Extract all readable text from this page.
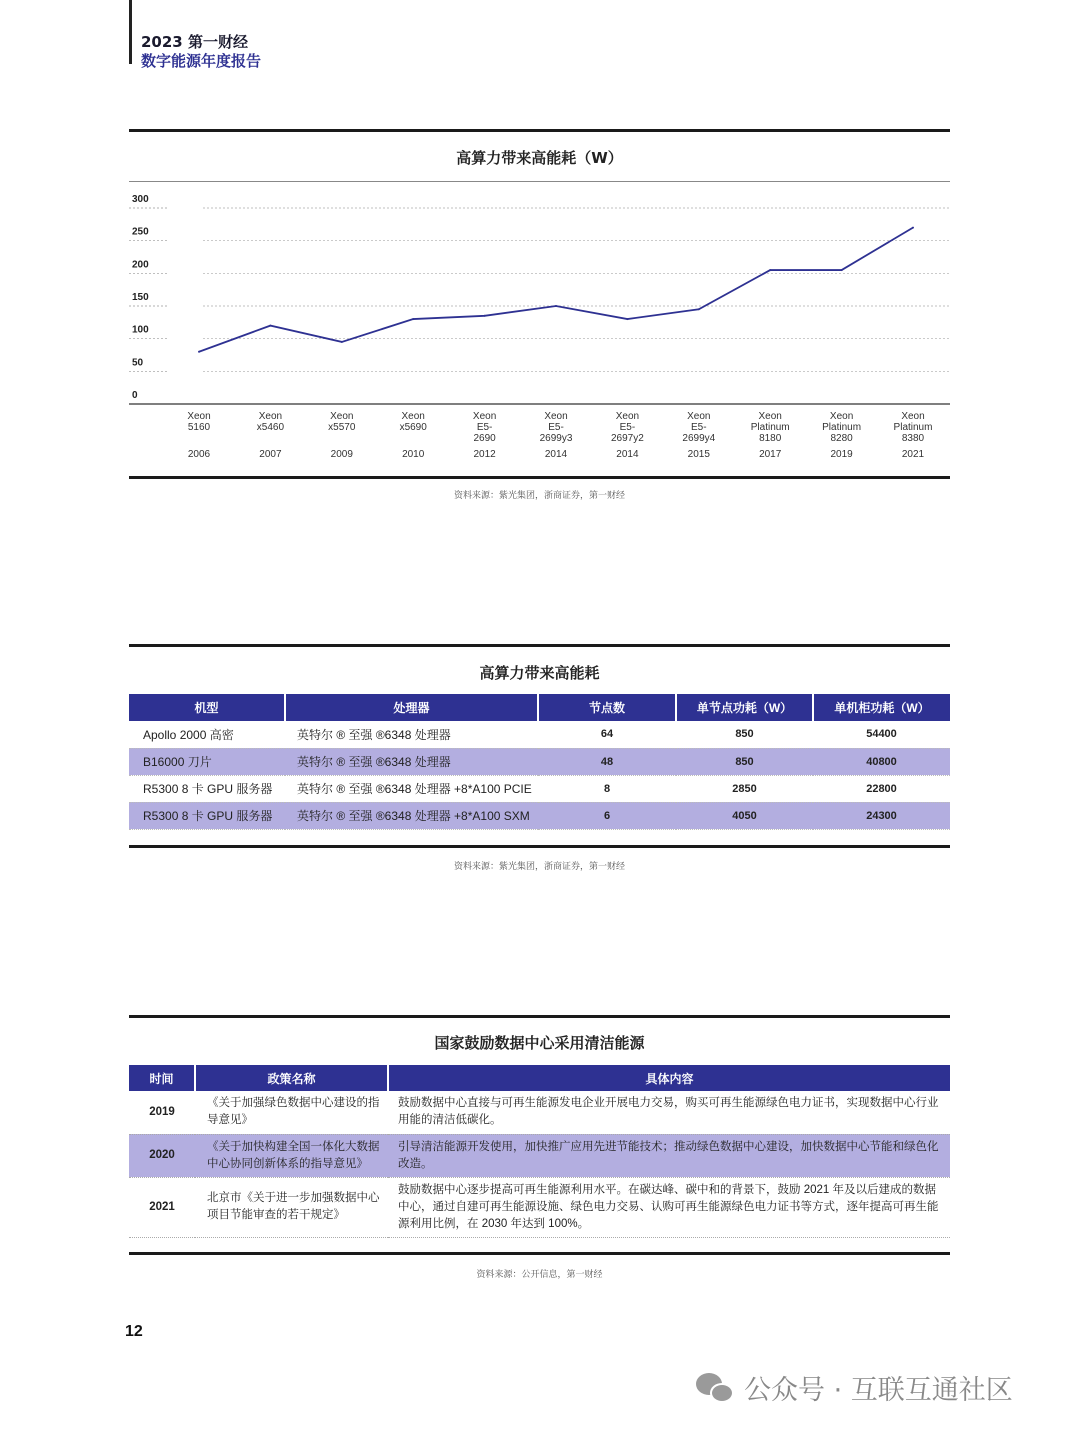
2023 第一财经
数字能源年度报告
高算力带来高能耗（W）
0
50
100
150
200
250
300
Xeon
5160
2006
Xeon
x5460
2007
Xeon
x5570
2009
Xeon
x5690
2010
Xeon
E5-
2690
2012
Xeon
E5-
2699y3
2014
Xeon
E5-
2697y2
2014
Xeon
E5-
2699y4
2015
Xeon
Platinum
8180
2017
Xeon
Platinum
8280
2019
Xeon
Platinum
8380
2021
资料来源：紫光集团，浙商证券，第一财经
高算力带来高能耗
机型	处理器	节点数	单节点功耗（W）	单机柜功耗（W）
Apollo 2000 高密	英特尔 ® 至强 ®6348 处理器	64	850	54400
B16000 刀片	英特尔 ® 至强 ®6348 处理器	48	850	40800
R5300 8 卡 GPU 服务器	英特尔 ® 至强 ®6348 处理器 +8*A100 PCIE	8	2850	22800
R5300 8 卡 GPU 服务器	英特尔 ® 至强 ®6348 处理器 +8*A100 SXM	6	4050	24300
资料来源：紫光集团，浙商证券，第一财经
国家鼓励数据中心采用清洁能源
时间	政策名称	具体内容
2019	《关于加强绿色数据中心建设的指导意见》	鼓励数据中心直接与可再生能源发电企业开展电力交易，购买可再生能源绿色电力证书，实现数据中心行业用能的清洁低碳化。
2020	《关于加快构建全国一体化大数据中心协同创新体系的指导意见》	引导清洁能源开发使用，加快推广应用先进节能技术；推动绿色数据中心建设，加快数据中心节能和绿色化改造。
2021	北京市《关于进一步加强数据中心项目节能审查的若干规定》	鼓励数据中心逐步提高可再生能源利用水平。在碳达峰、碳中和的背景下，鼓励 2021 年及以后建成的数据中心，通过自建可再生能源设施、绿色电力交易、认购可再生能源绿色电力证书等方式，逐年提高可再生能源利用比例，在 2030 年达到 100%。
资料来源：公开信息，第一财经
12
公众号 · 互联互通社区
